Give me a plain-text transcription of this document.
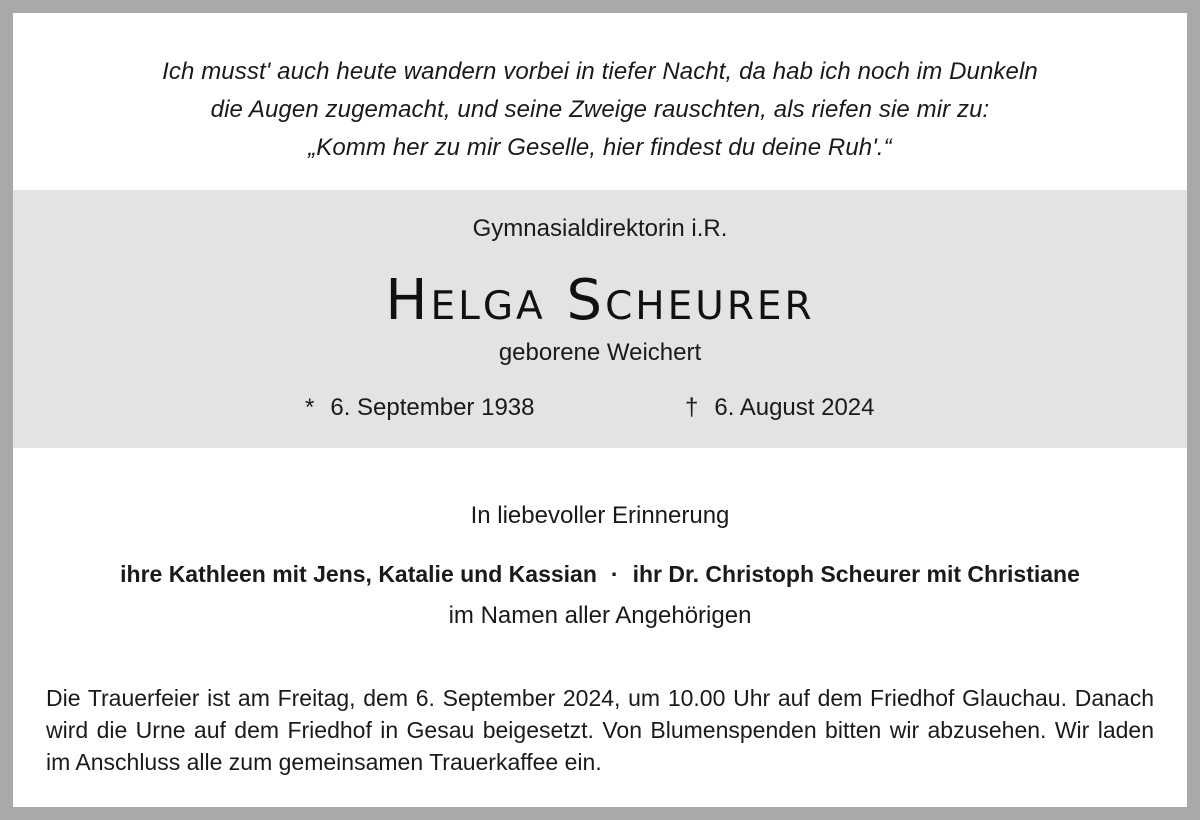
Ich musst' auch heute wandern vorbei in tiefer Nacht, da hab ich noch im Dunkeln
die Augen zugemacht, und seine Zweige rauschten, als riefen sie mir zu:
„Komm her zu mir Geselle, hier findest du deine Ruh'.“
Gymnasialdirektorin i.R.
Helga Scheurer
geborene Weichert
* 6. September 1938	† 6. August 2024
In liebevoller Erinnerung
ihre Kathleen mit Jens, Katalie und Kassian · ihr Dr. Christoph Scheurer mit Christiane
im Namen aller Angehörigen
Die Trauerfeier ist am Freitag, dem 6. September 2024, um 10.00 Uhr auf dem Friedhof Glauchau. Danach wird die Urne auf dem Friedhof in Gesau beigesetzt. Von Blumenspenden bitten wir abzusehen. Wir laden im Anschluss alle zum gemeinsamen Trauerkaffee ein.
